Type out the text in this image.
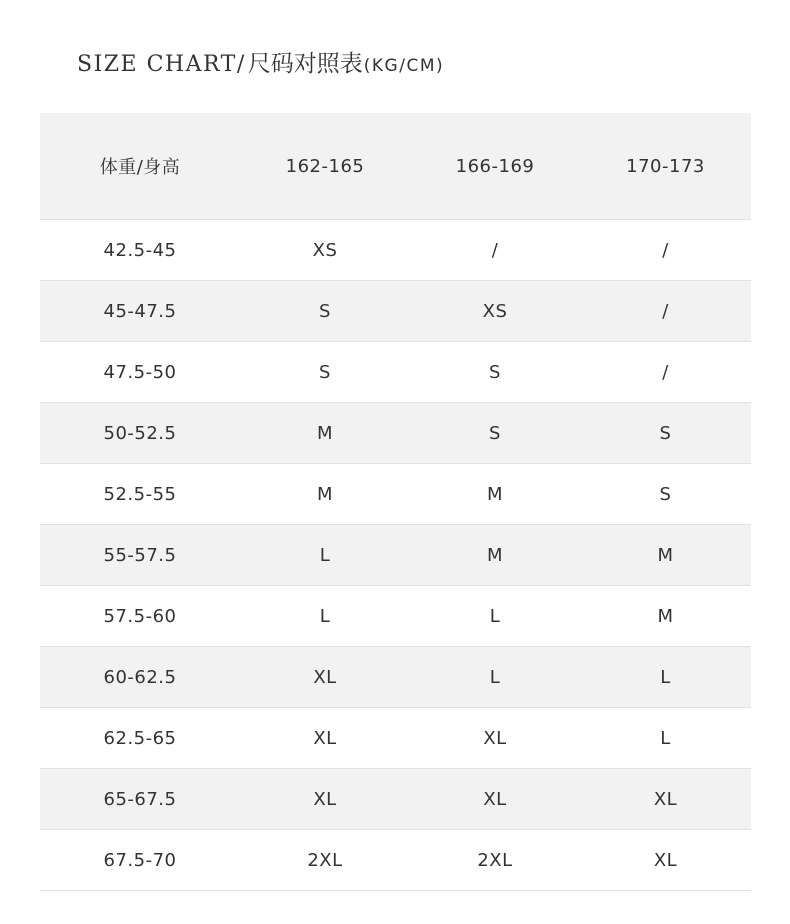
SIZE CHART/尺码对照表(KG/CM)
体重/身高	162-165	166-169	170-173
42.5-45	XS	/	/
45-47.5	S	XS	/
47.5-50	S	S	/
50-52.5	M	S	S
52.5-55	M	M	S
55-57.5	L	M	M
57.5-60	L	L	M
60-62.5	XL	L	L
62.5-65	XL	XL	L
65-67.5	XL	XL	XL
67.5-70	2XL	2XL	XL
